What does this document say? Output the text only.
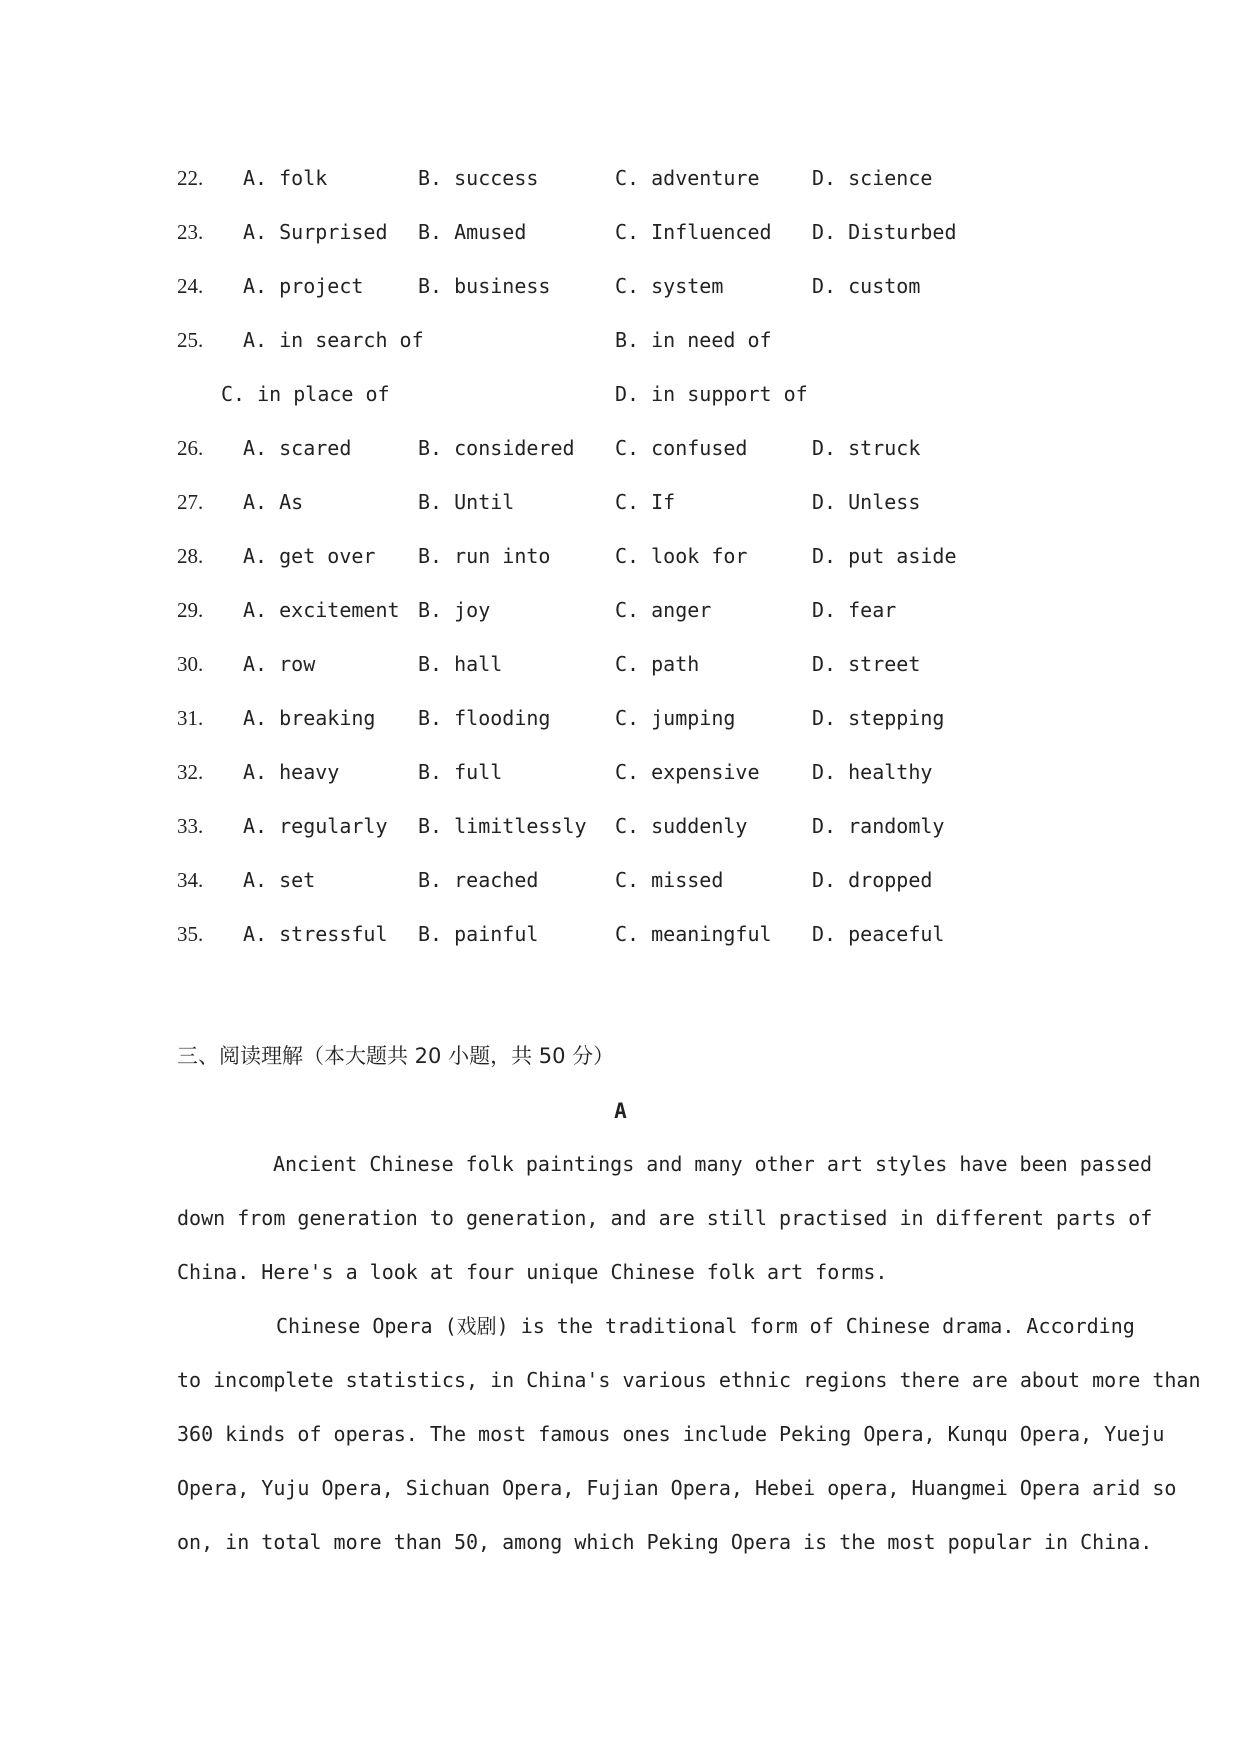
22. A. folk	B. success	C. adventure	D. science
23. A. Surprised B. Amused	C. Influenced D. Disturbed
24. A. project	B. business	C. system	D. custom
25. A. in search of	B. in need of
C. in place of	D. in support of
26. A. scared	B. considered C. confused	D. struck
27. A. As	B. Until	C. If	D. Unless
28. A. get over B. run into	C. look for	D. put aside
29. A. excitement B. joy	C. anger	D. fear
30. A. row	B. hall	C. path	D. street
31. A. breaking B. flooding	C. jumping	D. stepping
32. A. heavy	B. full	C. expensive	D. healthy
33. A. regularly B. limitlessly C. suddenly	D. randomly
34. A. set	B. reached	C. missed	D. dropped
35. A. stressful B. painful	C. meaningful D. peaceful
三、阅读理解（本大题共 20 小题，共 50 分）
A
Ancient Chinese folk paintings and many other art styles have been passed
down from generation to generation, and are still practised in different parts of
China. Here's a look at four unique Chinese folk art forms.
Chinese Opera (戏剧) is the traditional form of Chinese drama. According
to incomplete statistics, in China's various ethnic regions there are about more than
360 kinds of operas. The most famous ones include Peking Opera, Kunqu Opera, Yueju
Opera, Yuju Opera, Sichuan Opera, Fujian Opera, Hebei opera, Huangmei Opera arid so
on, in total more than 50, among which Peking Opera is the most popular in China.
